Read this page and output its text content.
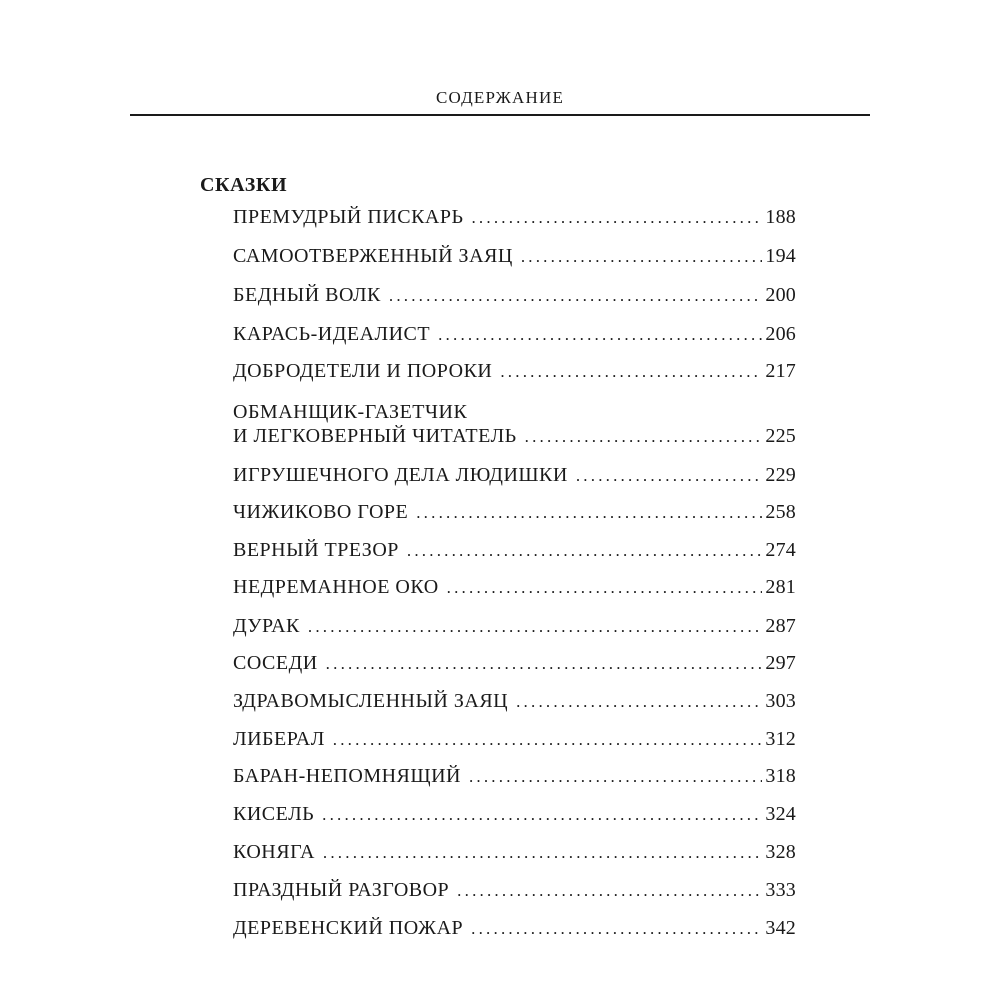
СОДЕРЖАНИЕ
СКАЗКИ
ПРЕМУДРЫЙ ПИСКАРЬ .....	188
САМООТВЕРЖЕННЫЙ ЗАЯЦ .....	194
БЕДНЫЙ ВОЛК .....	200
КАРАСЬ-ИДЕАЛИСТ .....	206
ДОБРОДЕТЕЛИ И ПОРОКИ .....	217
ОБМАНЩИК-ГАЗЕТЧИК
И ЛЕГКОВЕРНЫЙ ЧИТАТЕЛЬ .....	225
ИГРУШЕЧНОГО ДЕЛА ЛЮДИШКИ .....	229
ЧИЖИКОВО ГОРЕ .....	258
ВЕРНЫЙ ТРЕЗОР .....	274
НЕДРЕМАННОЕ ОКО .....	281
ДУРАК .....	287
СОСЕДИ .....	297
ЗДРАВОМЫСЛЕННЫЙ ЗАЯЦ .....	303
ЛИБЕРАЛ .....	312
БАРАН-НЕПОМНЯЩИЙ .....	318
КИСЕЛЬ .....	324
КОНЯГА .....	328
ПРАЗДНЫЙ РАЗГОВОР .....	333
ДЕРЕВЕНСКИЙ ПОЖАР .....	342
